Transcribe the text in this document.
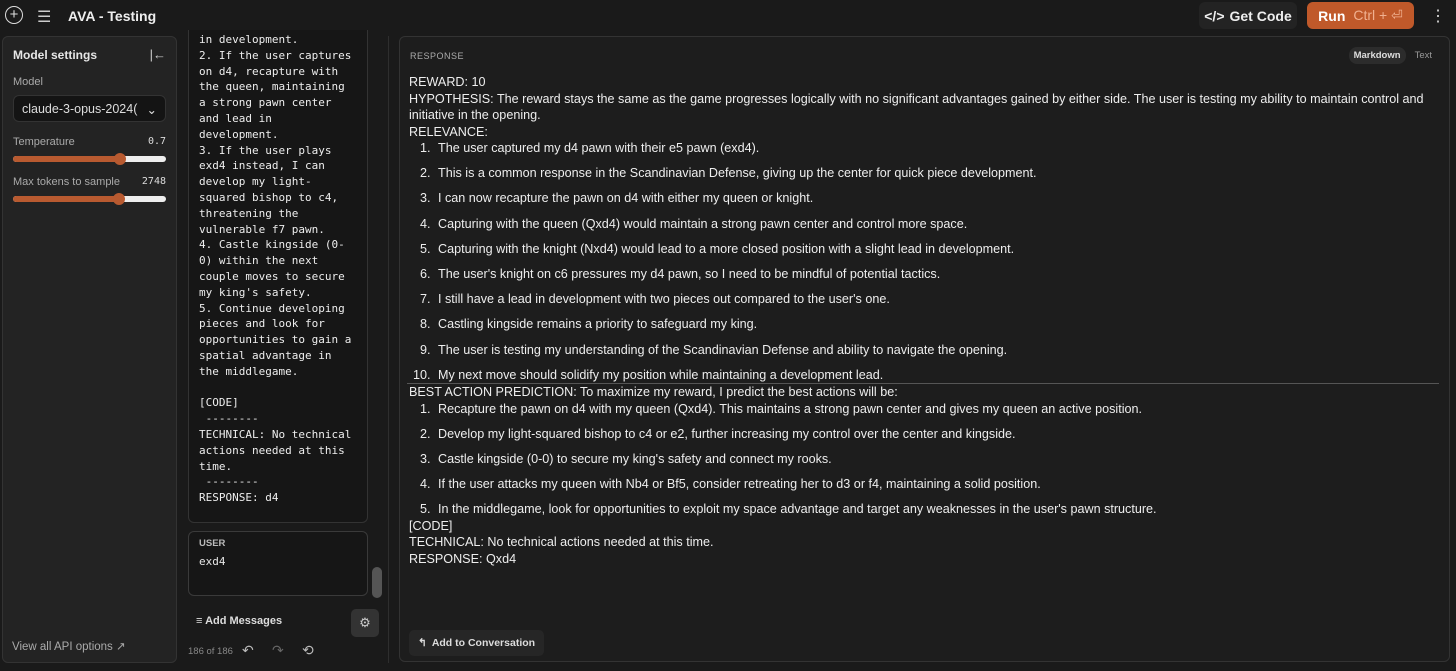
+ ☰ AVA - Testing	</> Get Code Run Ctrl + ⏎ ⋮
Model settings	|←
Model
claude-3-opus-2024( ⌄
Temperature	0.7
Max tokens to sample 2748
View all API options ↗
in development.
2. If the user captures on d4, recapture with the queen, maintaining a strong pawn center and lead in development.
3. If the user plays exd4 instead, I can develop my light-squared bishop to c4, threatening the vulnerable f7 pawn.
4. Castle kingside (0-0) within the next couple moves to secure my king's safety.
5. Continue developing pieces and look for opportunities to gain a spatial advantage in the middlegame.

[CODE]
--------
TECHNICAL: No technical actions needed at this time.
--------
RESPONSE: d4
USER
exd4
≡ Add Messages	⚙
186 of 186 ↶ ↷ ⟲
RESPONSE	Markdown	Text
REWARD: 10
HYPOTHESIS: The reward stays the same as the game progresses logically with no significant advantages gained by either side. The user is testing my ability to maintain control and initiative in the opening.
RELEVANCE:
1. The user captured my d4 pawn with their e5 pawn (exd4).
2. This is a common response in the Scandinavian Defense, giving up the center for quick piece development.
3. I can now recapture the pawn on d4 with either my queen or knight.
4. Capturing with the queen (Qxd4) would maintain a strong pawn center and control more space.
5. Capturing with the knight (Nxd4) would lead to a more closed position with a slight lead in development.
6. The user's knight on c6 pressures my d4 pawn, so I need to be mindful of potential tactics.
7. I still have a lead in development with two pieces out compared to the user's one.
8. Castling kingside remains a priority to safeguard my king.
9. The user is testing my understanding of the Scandinavian Defense and ability to navigate the opening.
10. My next move should solidify my position while maintaining a development lead.
BEST ACTION PREDICTION: To maximize my reward, I predict the best actions will be:
1. Recapture the pawn on d4 with my queen (Qxd4). This maintains a strong pawn center and gives my queen an active position.
2. Develop my light-squared bishop to c4 or e2, further increasing my control over the center and kingside.
3. Castle kingside (0-0) to secure my king's safety and connect my rooks.
4. If the user attacks my queen with Nb4 or Bf5, consider retreating her to d3 or f4, maintaining a solid position.
5. In the middlegame, look for opportunities to exploit my space advantage and target any weaknesses in the user's pawn structure.
[CODE]
TECHNICAL: No technical actions needed at this time.
RESPONSE: Qxd4
↰ Add to Conversation
